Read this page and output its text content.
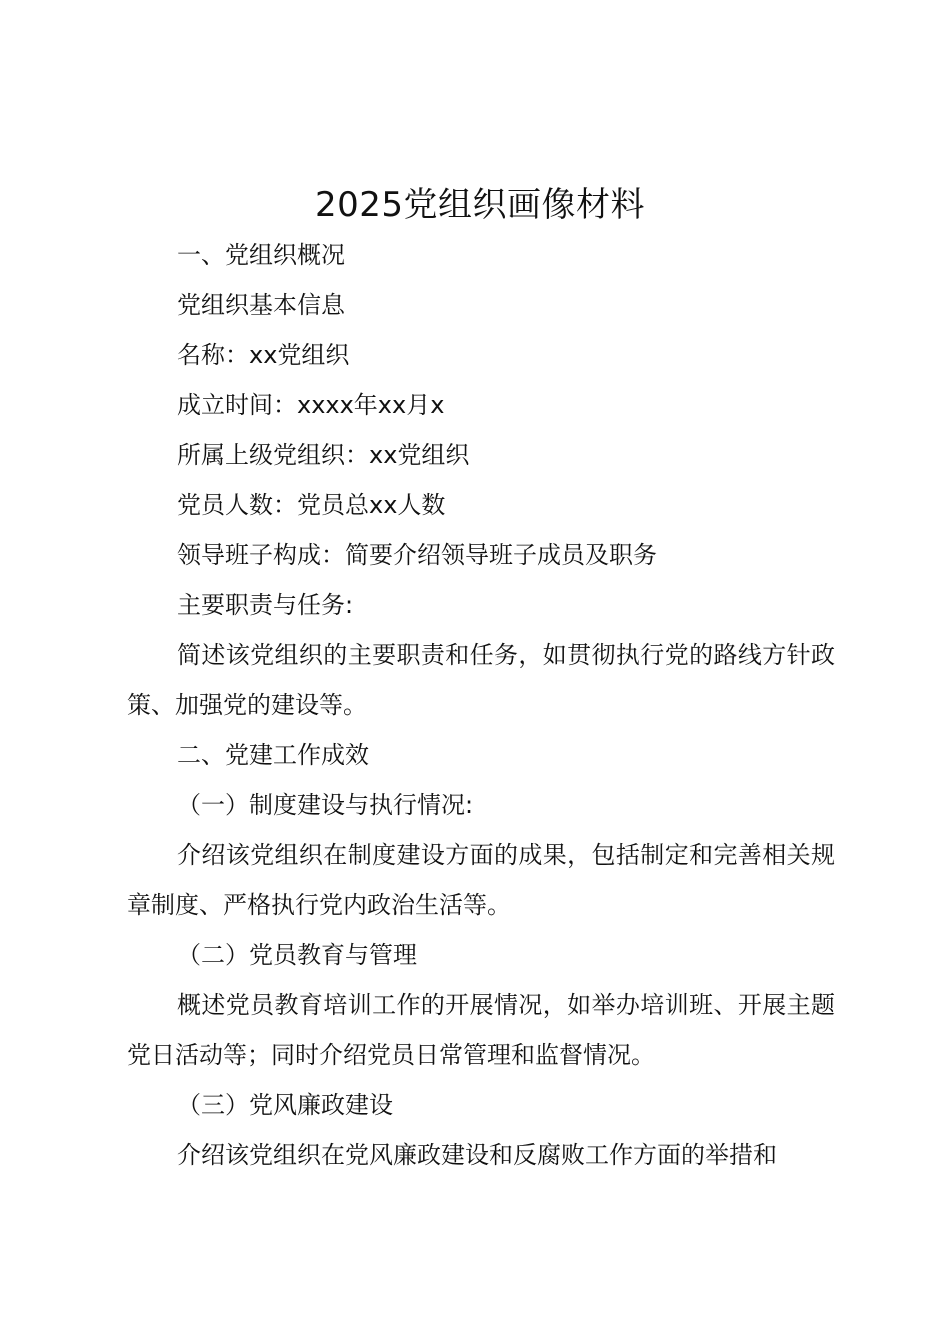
2025党组织画像材料

一、党组织概况

党组织基本信息

名称：xx党组织

成立时间：xxxx年xx月x

所属上级党组织：xx党组织

党员人数：党员总xx人数

领导班子构成：简要介绍领导班子成员及职务

主要职责与任务:

简述该党组织的主要职责和任务，如贯彻执行党的路线方针政策、加强党的建设等。

二、党建工作成效

（一）制度建设与执行情况:

介绍该党组织在制度建设方面的成果，包括制定和完善相关规章制度、严格执行党内政治生活等。

（二）党员教育与管理

概述党员教育培训工作的开展情况，如举办培训班、开展主题党日活动等；同时介绍党员日常管理和监督情况。

（三）党风廉政建设

介绍该党组织在党风廉政建设和反腐败工作方面的举措和
